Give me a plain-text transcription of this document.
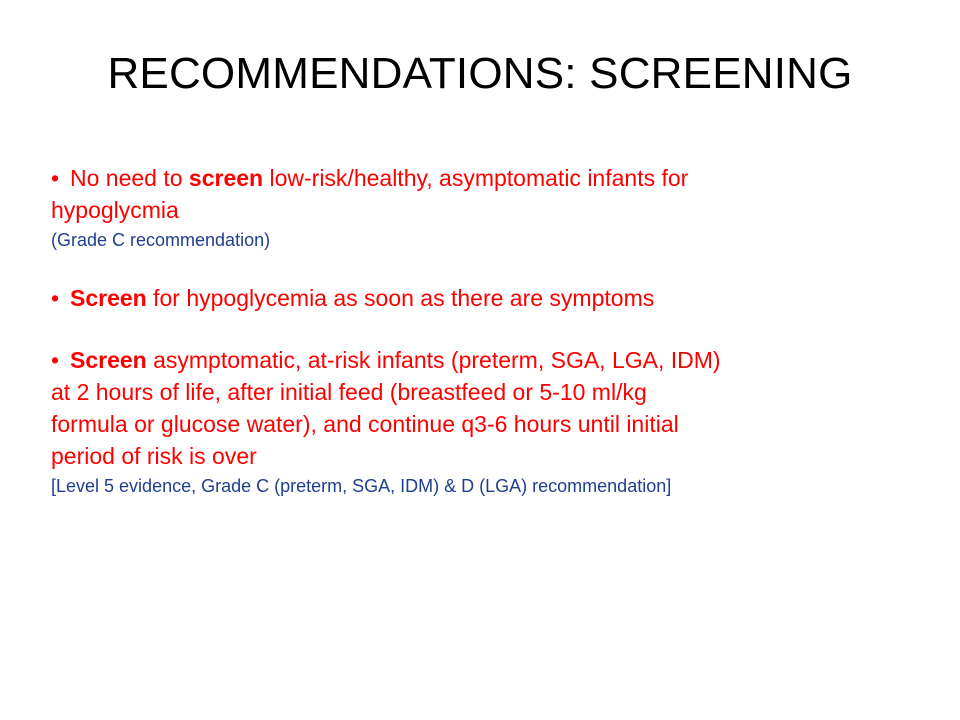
RECOMMENDATIONS: SCREENING
• No need to screen low-risk/healthy, asymptomatic infants for
hypoglycmia
(Grade C recommendation)
• Screen for hypoglycemia as soon as there are symptoms
• Screen asymptomatic, at-risk infants (preterm, SGA, LGA, IDM)
at 2 hours of life, after initial feed (breastfeed or 5-10 ml/kg
formula or glucose water), and continue q3-6 hours until initial
period of risk is over
[Level 5 evidence, Grade C (preterm, SGA, IDM) & D (LGA) recommendation]
